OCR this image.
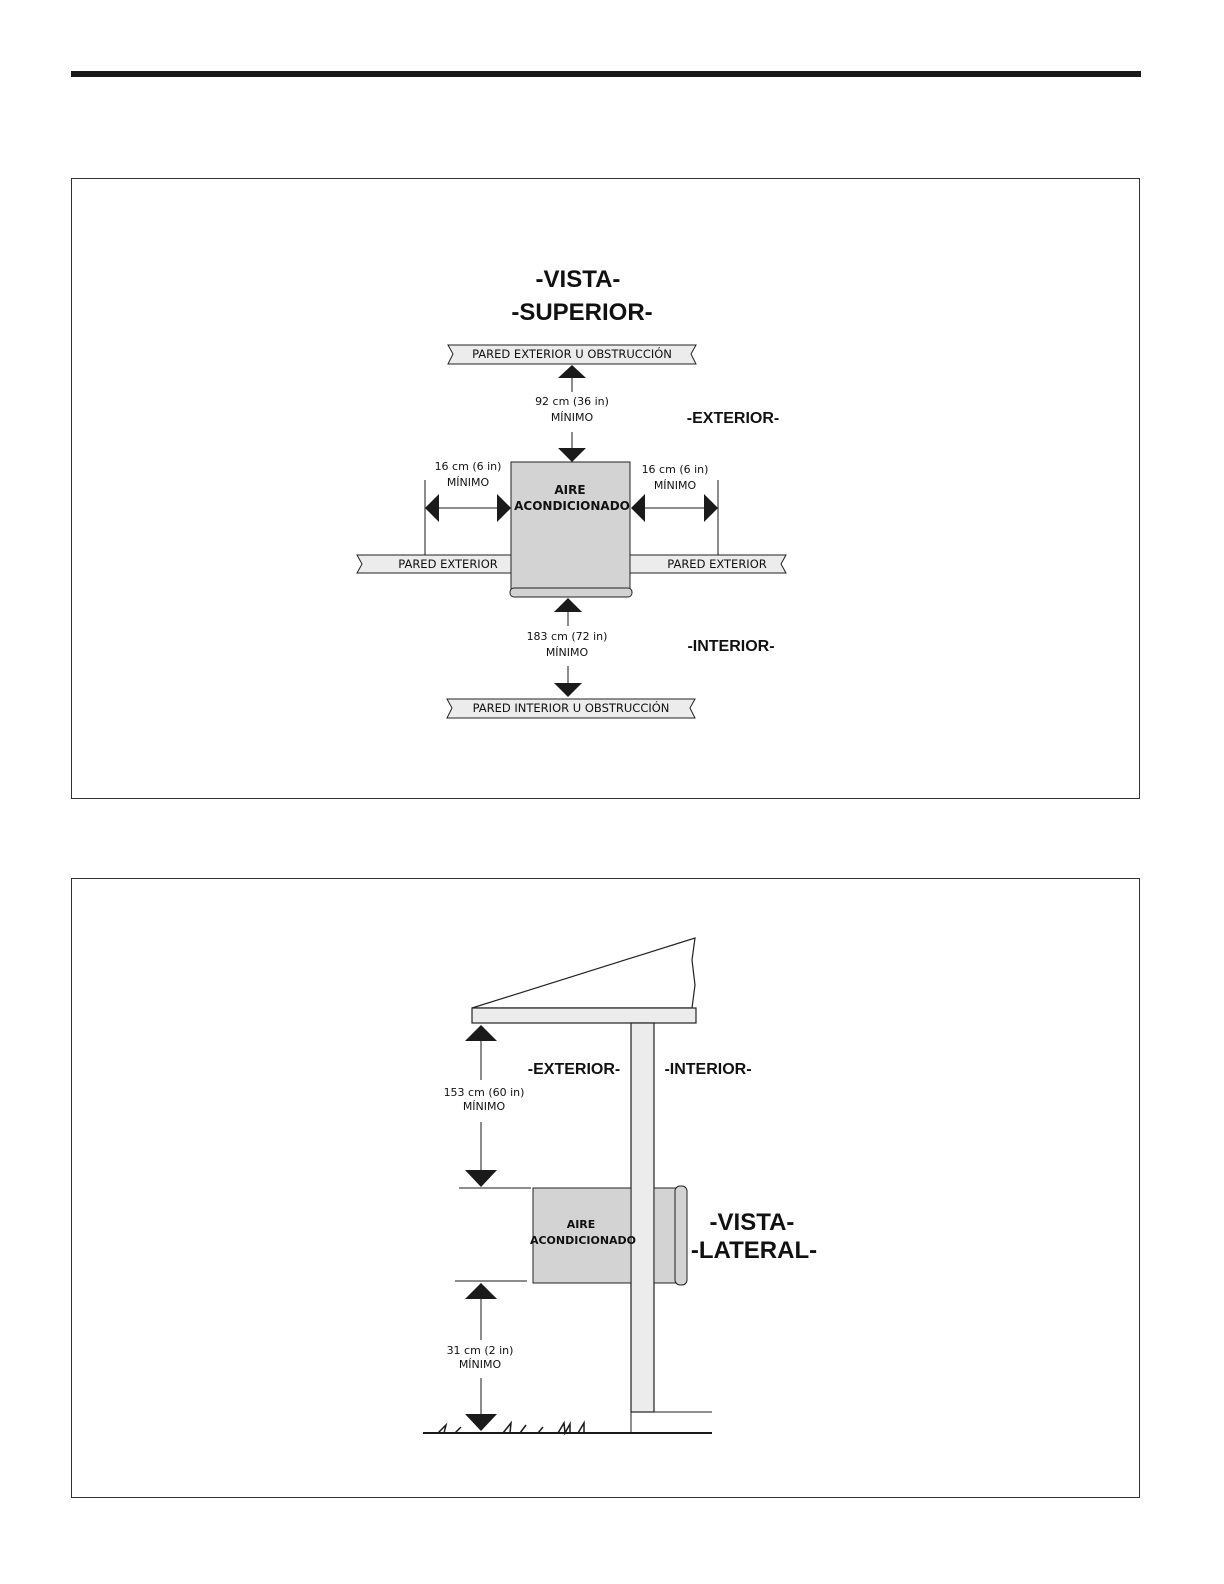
-VISTA-
-SUPERIOR-
PARED EXTERIOR U OBSTRUCCIÓN
92 cm (36 in)
MÍNIMO	-EXTERIOR-
PARED EXTERIOR	PARED EXTERIOR
AIRE
ACONDICIONADO
16 cm (6 in)
MÍNIMO
16 cm (6 in)
MÍNIMO
183 cm (72 in)
MÍNIMO	-INTERIOR-
PARED INTERIOR U OBSTRUCCIÓN
-EXTERIOR-	-INTERIOR-
153 cm (60 in)
MÍNIMO
AIRE
ACONDICIONADO
-VISTA-
-LATERAL-
31 cm (2 in)
MÍNIMO
